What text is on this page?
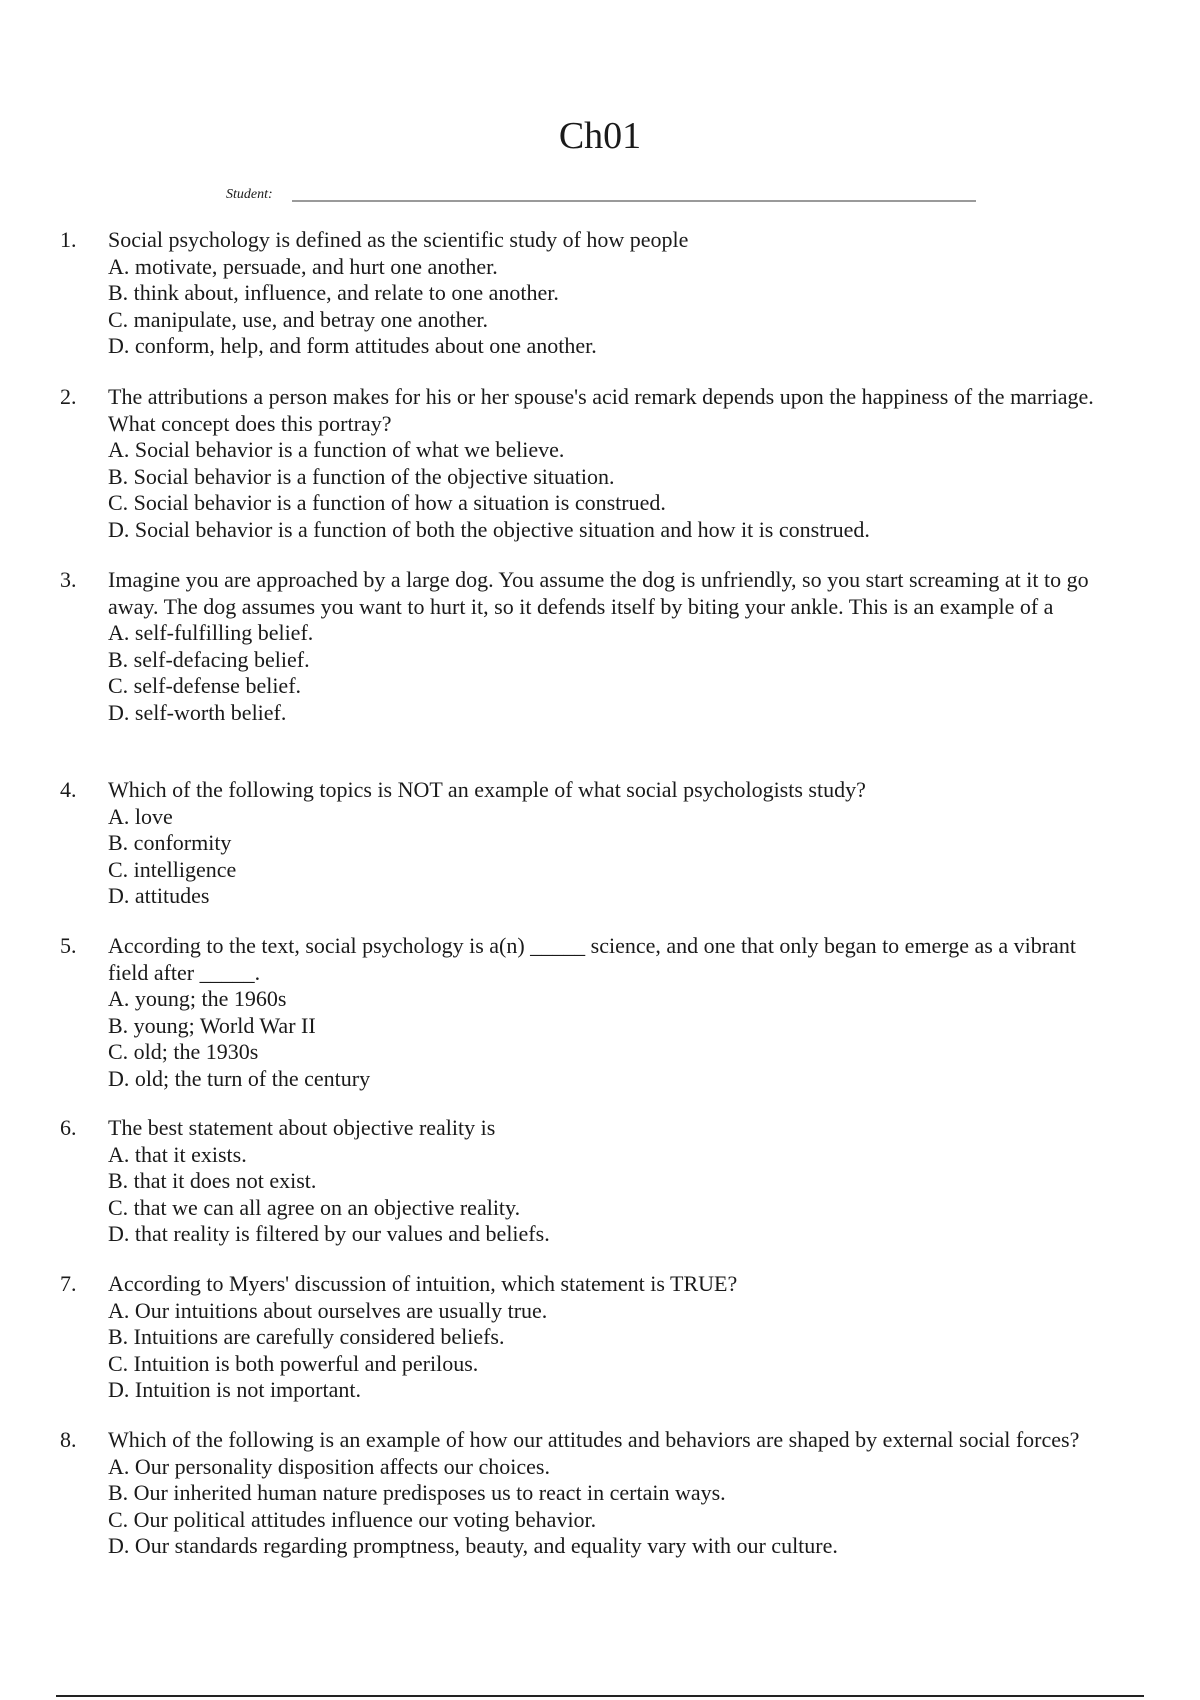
Ch01
Student:
1.	Social psychology is defined as the scientific study of how people

A. motivate, persuade, and hurt one another.
B. think about, influence, and relate to one another.
C. manipulate, use, and betray one another.
D. conform, help, and form attitudes about one another.
2.	The attributions a person makes for his or her spouse's acid remark depends upon the happiness of the marriage. What concept does this portray?

A. Social behavior is a function of what we believe.
B. Social behavior is a function of the objective situation.
C. Social behavior is a function of how a situation is construed.
D. Social behavior is a function of both the objective situation and how it is construed.
3.	Imagine you are approached by a large dog. You assume the dog is unfriendly, so you start screaming at it to go away. The dog assumes you want to hurt it, so it defends itself by biting your ankle. This is an example of a

A. self-fulfilling belief.
B. self-defacing belief.
C. self-defense belief.
D. self-worth belief.
4.	Which of the following topics is NOT an example of what social psychologists study?

A. love
B. conformity
C. intelligence
D. attitudes
5.	According to the text, social psychology is a(n) _____ science, and one that only began to emerge as a vibrant field after _____.

A. young; the 1960s
B. young; World War II
C. old; the 1930s
D. old; the turn of the century
6.	The best statement about objective reality is

A. that it exists.
B. that it does not exist.
C. that we can all agree on an objective reality.
D. that reality is filtered by our values and beliefs.
7.	According to Myers' discussion of intuition, which statement is TRUE?

A. Our intuitions about ourselves are usually true.
B. Intuitions are carefully considered beliefs.
C. Intuition is both powerful and perilous.
D. Intuition is not important.
8.	Which of the following is an example of how our attitudes and behaviors are shaped by external social forces?

A. Our personality disposition affects our choices.
B. Our inherited human nature predisposes us to react in certain ways.
C. Our political attitudes influence our voting behavior.
D. Our standards regarding promptness, beauty, and equality vary with our culture.
